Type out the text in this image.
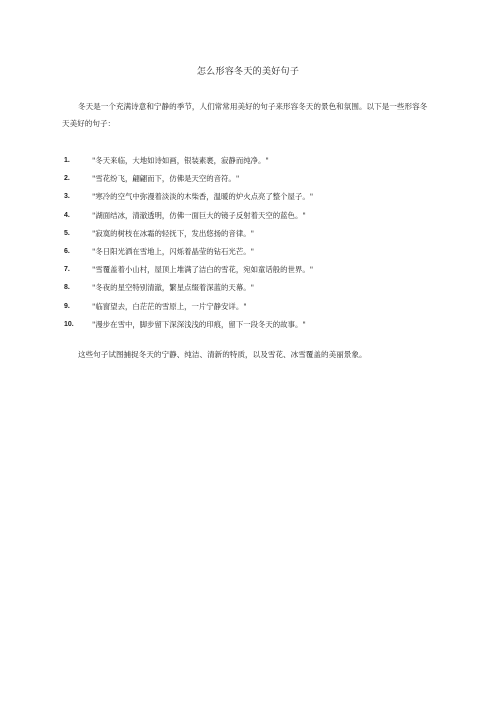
怎么形容冬天的美好句子

冬天是一个充满诗意和宁静的季节，人们常常用美好的句子来形容冬天的景色和氛围。以下是一些形容冬天美好的句子：

1.	"冬天来临，大地如诗如画，银装素裹，寂静而纯净。"
2.	"雪花纷飞，翩翩而下，仿佛是天空的音符。"
3.	"寒冷的空气中弥漫着淡淡的木柴香，温暖的炉火点亮了整个屋子。"
4.	"湖面结冰，清澈透明，仿佛一面巨大的镜子反射着天空的蓝色。"
5.	"寂寞的树枝在冰霜的轻抚下，发出悠扬的音律。"
6.	"冬日阳光洒在雪地上，闪烁着晶莹的钻石光芒。"
7.	"雪覆盖着小山村，屋顶上堆满了洁白的雪花，宛如童话般的世界。"
8.	"冬夜的星空特别清澈，繁星点缀着深蓝的天幕。"
9.	"临窗望去，白茫茫的雪原上，一片宁静安详。"
10.	"漫步在雪中，脚步留下深深浅浅的印痕，留下一段冬天的故事。"

这些句子试图捕捉冬天的宁静、纯洁、清新的特质，以及雪花、冰雪覆盖的美丽景象。
